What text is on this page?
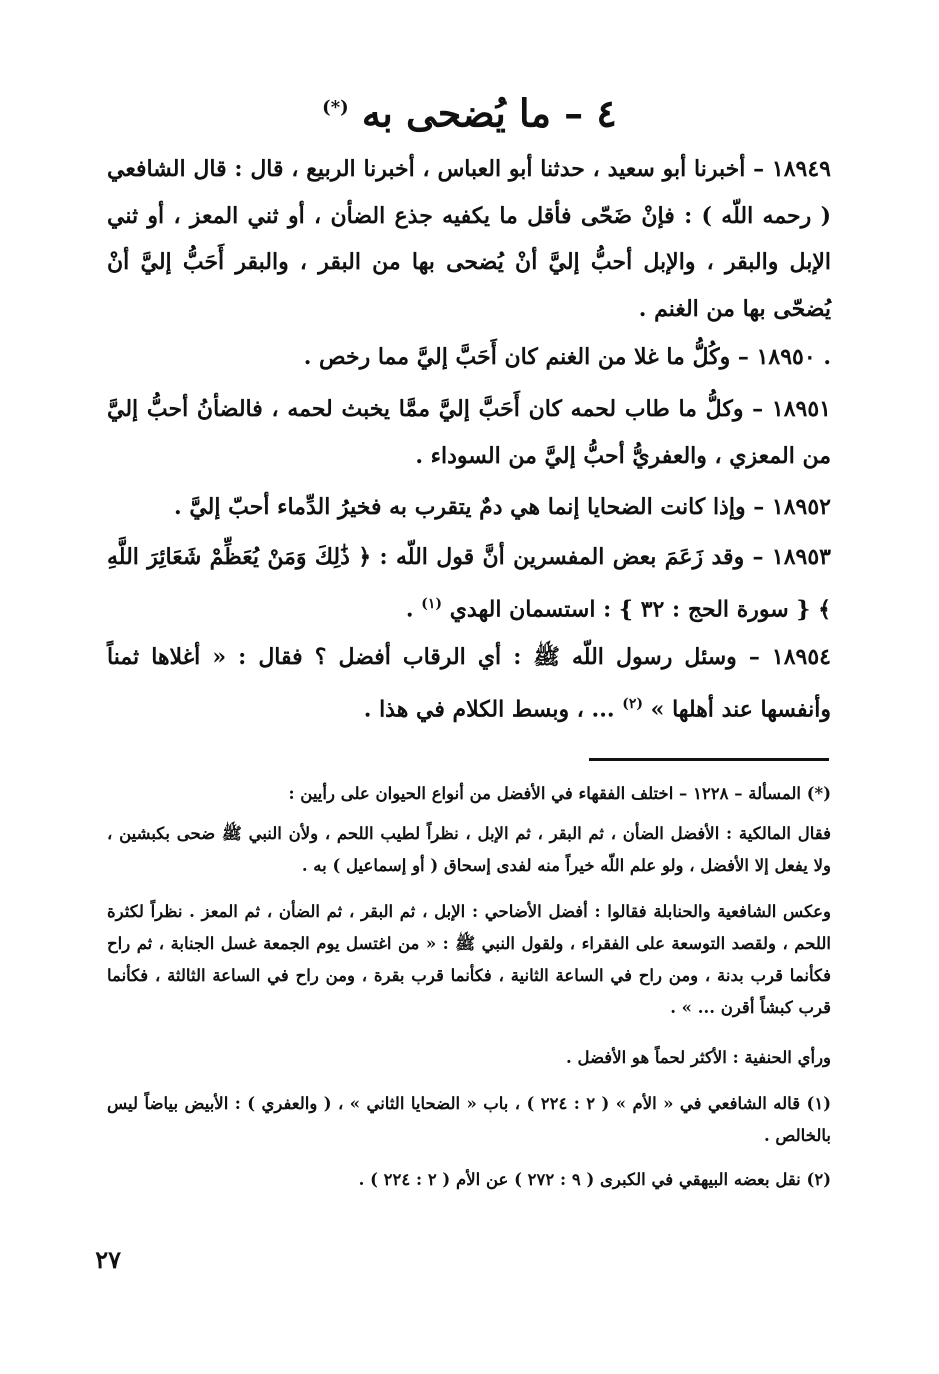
٤ – ما يُضحى به (*)

١٨٩٤٩ – أخبرنا أبو سعيد ، حدثنا أبو العباس ، أخبرنا الربيع ، قال : قال الشافعي ( رحمه اللّه ) : فإنْ ضَحّى فأقل ما يكفيه جذع الضأن ، أو ثني المعز ، أو ثني الإبل والبقر ، والإبل أحبُّ إليَّ أنْ يُضحى بها من البقر ، والبقر أَحَبُّ إليَّ أنْ يُضحّى بها من الغنم .

. ١٨٩٥٠ – وكُلُّ ما غلا من الغنم كان أَحَبَّ إليَّ مما رخص .

١٨٩٥١ – وكلُّ ما طاب لحمه كان أَحَبَّ إليَّ ممَّا يخبث لحمه ، فالضأنُ أحبُّ إليَّ من المعزي ، والعفريُّ أحبُّ إليَّ من السوداء .

١٨٩٥٢ – وإذا كانت الضحايا إنما هي دمٌ يتقرب به فخيرُ الدِّماء أحبّ إليَّ .

١٨٩٥٣ – وقد زَعَمَ بعض المفسرين أنَّ قول اللّه : ﴿ ذَٰلِكَ وَمَنْ يُعَظِّمْ شَعَائِرَ اللَّهِ ﴾ { سورة الحج : ٣٢ } : استسمان الهدي $^{(١)}$ .

١٨٩٥٤ – وسئل رسول اللّه ﷺ : أي الرقاب أفضل ؟ فقال : « أغلاها ثمناً وأنفسها عند أهلها » $^{(٢)}$ ... ، وبسط الكلام في هذا .

(*) المسألة – ١٢٢٨ – اختلف الفقهاء في الأفضل من أنواع الحيوان على رأيين :

فقال المالكية : الأفضل الضأن ، ثم البقر ، ثم الإبل ، نظراً لطيب اللحم ، ولأن النبي ﷺ ضحى بكبشين ، ولا يفعل إلا الأفضل ، ولو علم اللّه خيراً منه لفدى إسحاق ( أو إسماعيل ) به .

وعكس الشافعية والحنابلة فقالوا : أفضل الأضاحي : الإبل ، ثم البقر ، ثم الضأن ، ثم المعز . نظراً لكثرة اللحم ، ولقصد التوسعة على الفقراء ، ولقول النبي ﷺ : « من اغتسل يوم الجمعة غسل الجنابة ، ثم راح فكأنما قرب بدنة ، ومن راح في الساعة الثانية ، فكأنما قرب بقرة ، ومن راح في الساعة الثالثة ، فكأنما قرب كبشاً أقرن ... » .

ورأي الحنفية : الأكثر لحماً هو الأفضل .

(١) قاله الشافعي في « الأم » ( ٢ : ٢٢٤ ) ، باب « الضحايا الثاني » ، ( والعفري ) : الأبيض بياضاً ليس بالخالص .

(٢) نقل بعضه البيهقي في الكبرى ( ٩ : ٢٧٢ ) عن الأم ( ٢ : ٢٢٤ ) .

٢٧
